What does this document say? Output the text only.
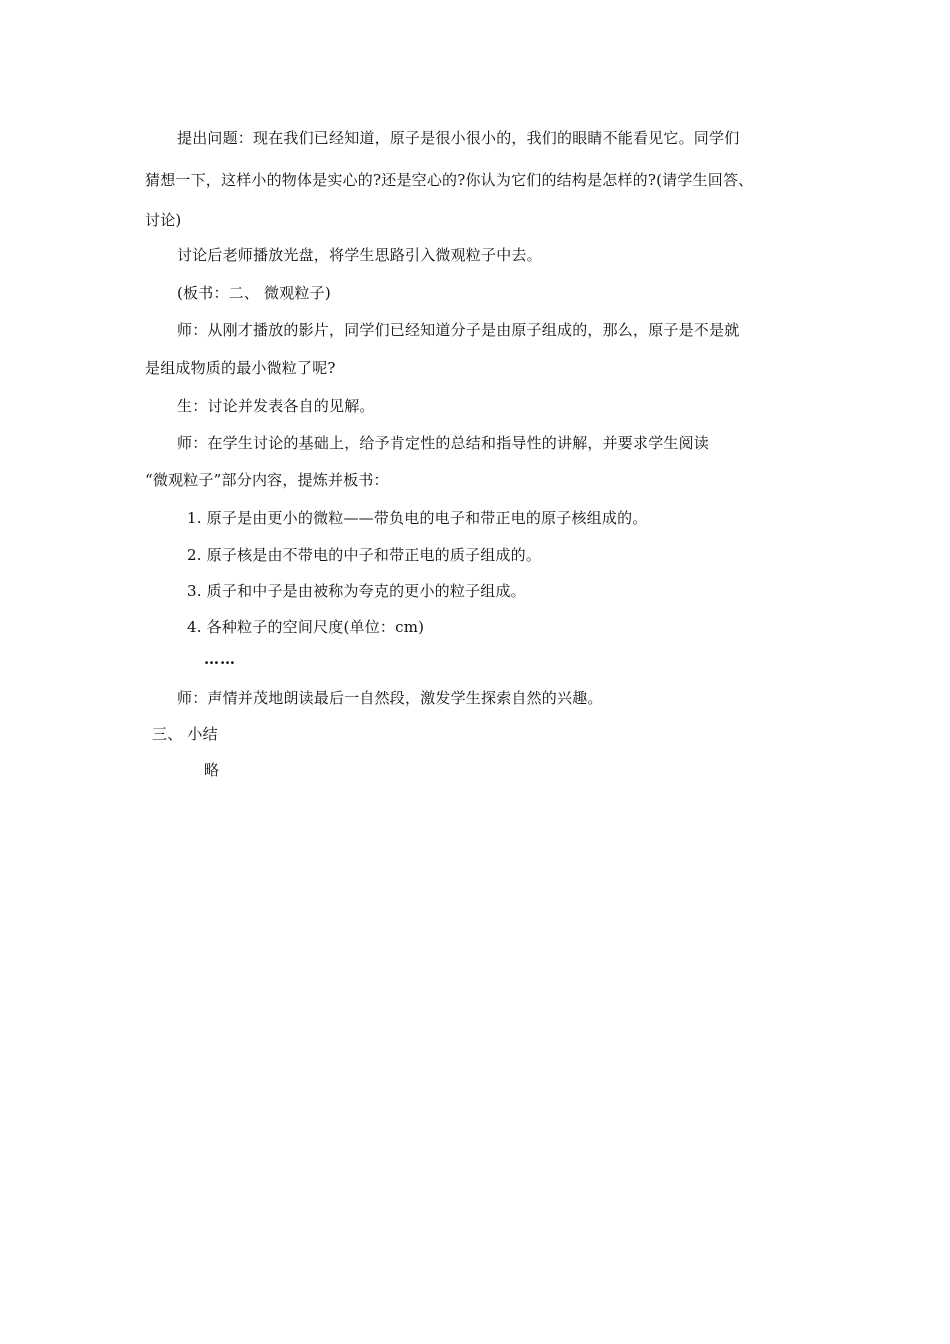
提出问题：现在我们已经知道，原子是很小很小的，我们的眼睛不能看见它。同学们
猜想一下，这样小的物体是实心的?还是空心的?你认为它们的结构是怎样的?(请学生回答、
讨论)
讨论后老师播放光盘，将学生思路引入微观粒子中去。
(板书：二、 微观粒子)
师：从刚才播放的影片，同学们已经知道分子是由原子组成的，那么，原子是不是就
是组成物质的最小微粒了呢?
生：讨论并发表各自的见解。
师：在学生讨论的基础上，给予肯定性的总结和指导性的讲解，并要求学生阅读
“微观粒子”部分内容，提炼并板书：
1. 原子是由更小的微粒——带负电的电子和带正电的原子核组成的。
2. 原子核是由不带电的中子和带正电的质子组成的。
3. 质子和中子是由被称为夸克的更小的粒子组成。
4. 各种粒子的空间尺度(单位：cm)
……
师：声情并茂地朗读最后一自然段，激发学生探索自然的兴趣。
三、 小结
略
